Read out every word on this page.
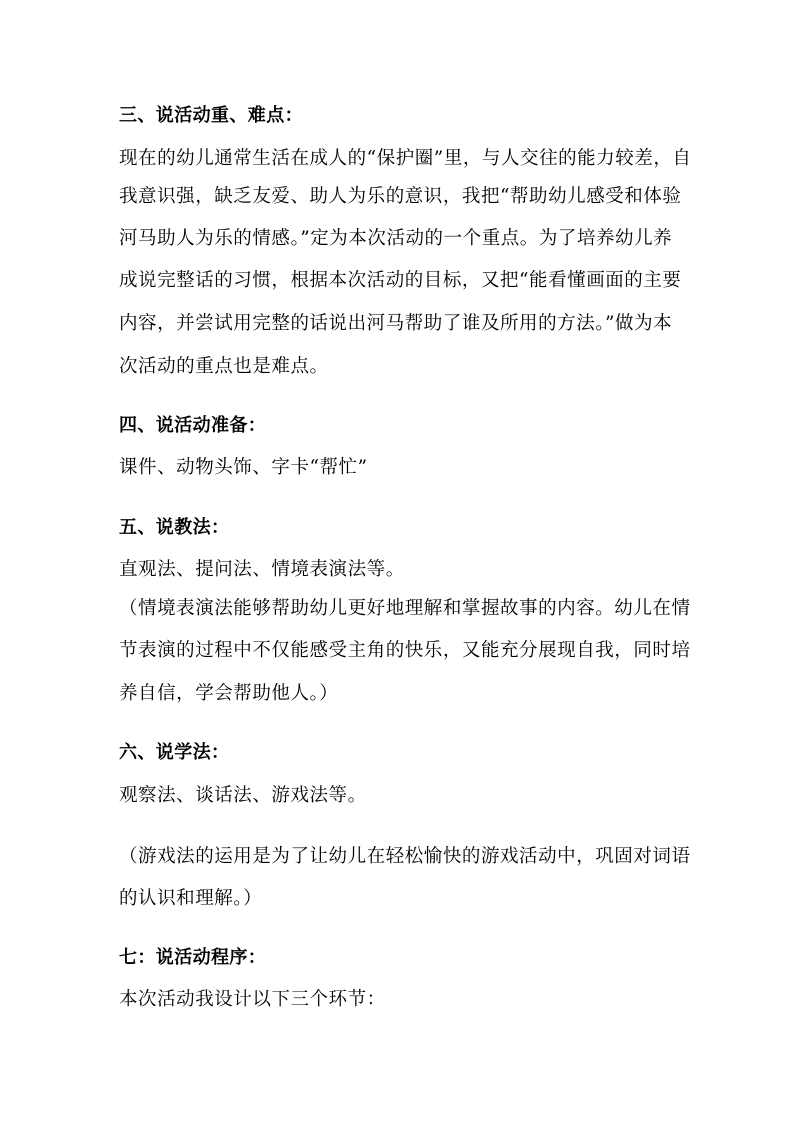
三、说活动重、难点：
现在的幼儿通常生活在成人的“保护圈”里，与人交往的能力较差，自
我意识强，缺乏友爱、助人为乐的意识，我把“帮助幼儿感受和体验
河马助人为乐的情感。”定为本次活动的一个重点。为了培养幼儿养
成说完整话的习惯，根据本次活动的目标，又把“能看懂画面的主要
内容，并尝试用完整的话说出河马帮助了谁及所用的方法。”做为本
次活动的重点也是难点。
四、说活动准备：
课件、动物头饰、字卡“帮忙”
五、说教法：
直观法、提问法、情境表演法等。
（情境表演法能够帮助幼儿更好地理解和掌握故事的内容。幼儿在情
节表演的过程中不仅能感受主角的快乐，又能充分展现自我，同时培
养自信，学会帮助他人。）
六、说学法：
观察法、谈话法、游戏法等。
（游戏法的运用是为了让幼儿在轻松愉快的游戏活动中，巩固对词语
的认识和理解。）
七：说活动程序：
本次活动我设计以下三个环节：
